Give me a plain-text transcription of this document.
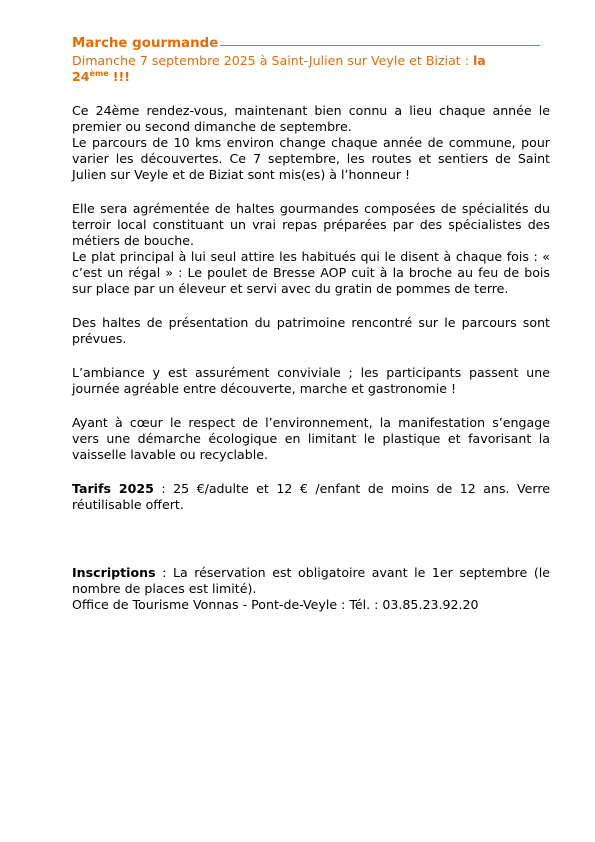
Marche gourmande
Dimanche 7 septembre 2025 à Saint-Julien sur Veyle et Biziat : la
24ème !!!

Ce 24ème rendez-vous, maintenant bien connu a lieu chaque année le premier ou second dimanche de septembre.

Le parcours de 10 kms environ change chaque année de commune, pour varier les découvertes. Ce 7 septembre, les routes et sentiers de Saint Julien sur Veyle et de Biziat sont mis(es) à l’honneur !

Elle sera agrémentée de haltes gourmandes composées de spécialités du terroir local constituant un vrai repas préparées par des spécialistes des métiers de bouche.

Le plat principal à lui seul attire les habitués qui le disent à chaque fois : « c’est un régal » : Le poulet de Bresse AOP cuit à la broche au feu de bois sur place par un éleveur et servi avec du gratin de pommes de terre.

Des haltes de présentation du patrimoine rencontré sur le parcours sont prévues.

L’ambiance y est assurément conviviale ; les participants passent une journée agréable entre découverte, marche et gastronomie !

Ayant à cœur le respect de l’environnement, la manifestation s’engage vers une démarche écologique en limitant le plastique et favorisant la vaisselle lavable ou recyclable.

Tarifs 2025 : 25 €/adulte et 12 € /enfant de moins de 12 ans. Verre réutilisable offert.

Inscriptions : La réservation est obligatoire avant le 1er septembre (le nombre de places est limité).

Office de Tourisme Vonnas - Pont-de-Veyle : Tél. : 03.85.23.92.20
